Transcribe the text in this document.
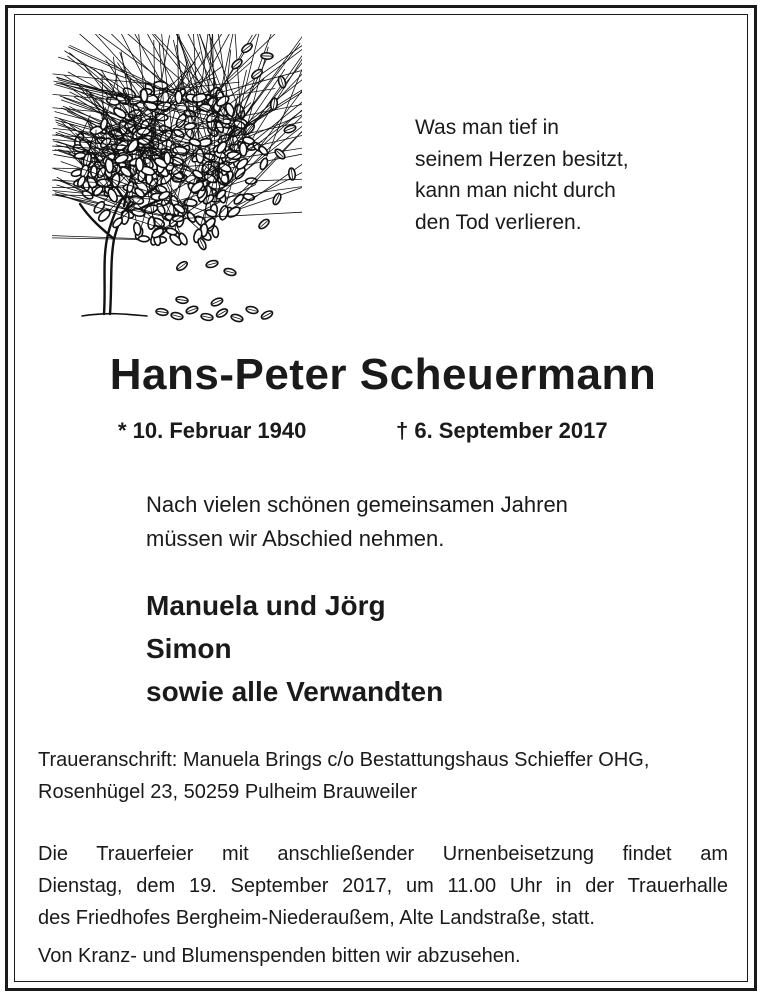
Was man tief in
seinem Herzen besitzt,
kann man nicht durch
den Tod verlieren.
Hans-Peter Scheuermann
* 10. Februar 1940	† 6. September 2017
Nach vielen schönen gemeinsamen Jahren
müssen wir Abschied nehmen.
Manuela und Jörg
Simon
sowie alle Verwandten
Traueranschrift: Manuela Brings c/o Bestattungshaus Schieffer OHG,
Rosenhügel 23, 50259 Pulheim Brauweiler
Die Trauerfeier mit anschließender Urnenbeisetzung findet am
Dienstag, dem 19. September 2017, um 11.00 Uhr in der Trauerhalle
des Friedhofes Bergheim-Niederaußem, Alte Landstraße, statt.
Von Kranz- und Blumenspenden bitten wir abzusehen.
